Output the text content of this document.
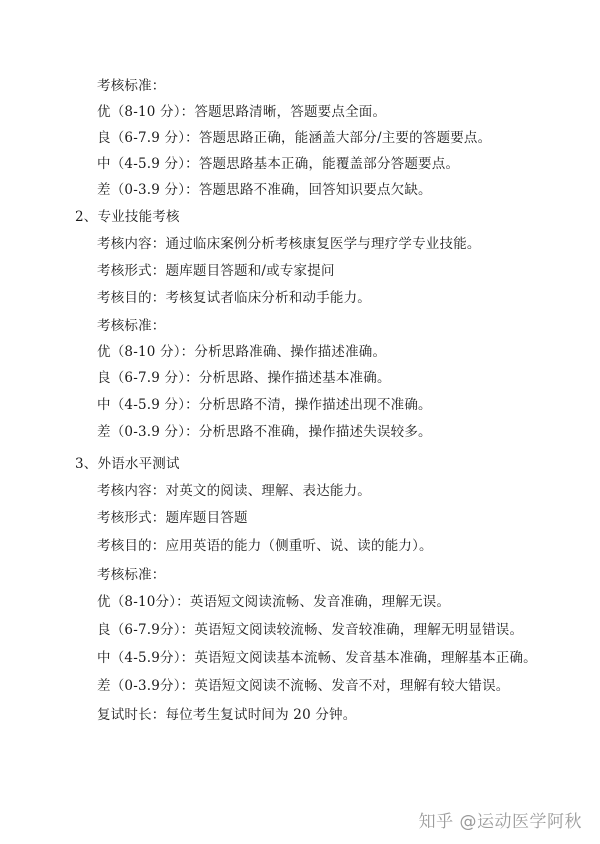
考核标准：
优（8-10 分）：答题思路清晰，答题要点全面。
良（6-7.9 分）：答题思路正确，能涵盖大部分/主要的答题要点。
中（4-5.9 分）：答题思路基本正确，能覆盖部分答题要点。
差（0-3.9 分）：答题思路不准确，回答知识要点欠缺。
2、专业技能考核
考核内容：通过临床案例分析考核康复医学与理疗学专业技能。
考核形式：题库题目答题和/或专家提问
考核目的：考核复试者临床分析和动手能力。
考核标准：
优（8-10 分）：分析思路准确、操作描述准确。
良（6-7.9 分）：分析思路、操作描述基本准确。
中（4-5.9 分）：分析思路不清，操作描述出现不准确。
差（0-3.9 分）：分析思路不准确，操作描述失误较多。
3、外语水平测试
考核内容：对英文的阅读、理解、表达能力。
考核形式：题库题目答题
考核目的：应用英语的能力（侧重听、说、读的能力）。
考核标准：
优（8-10分）：英语短文阅读流畅、发音准确，理解无误。
良（6-7.9分）：英语短文阅读较流畅、发音较准确，理解无明显错误。
中（4-5.9分）：英语短文阅读基本流畅、发音基本准确，理解基本正确。
差（0-3.9分）：英语短文阅读不流畅、发音不对，理解有较大错误。
复试时长：每位考生复试时间为 20 分钟。
知乎 @运动医学阿秋
